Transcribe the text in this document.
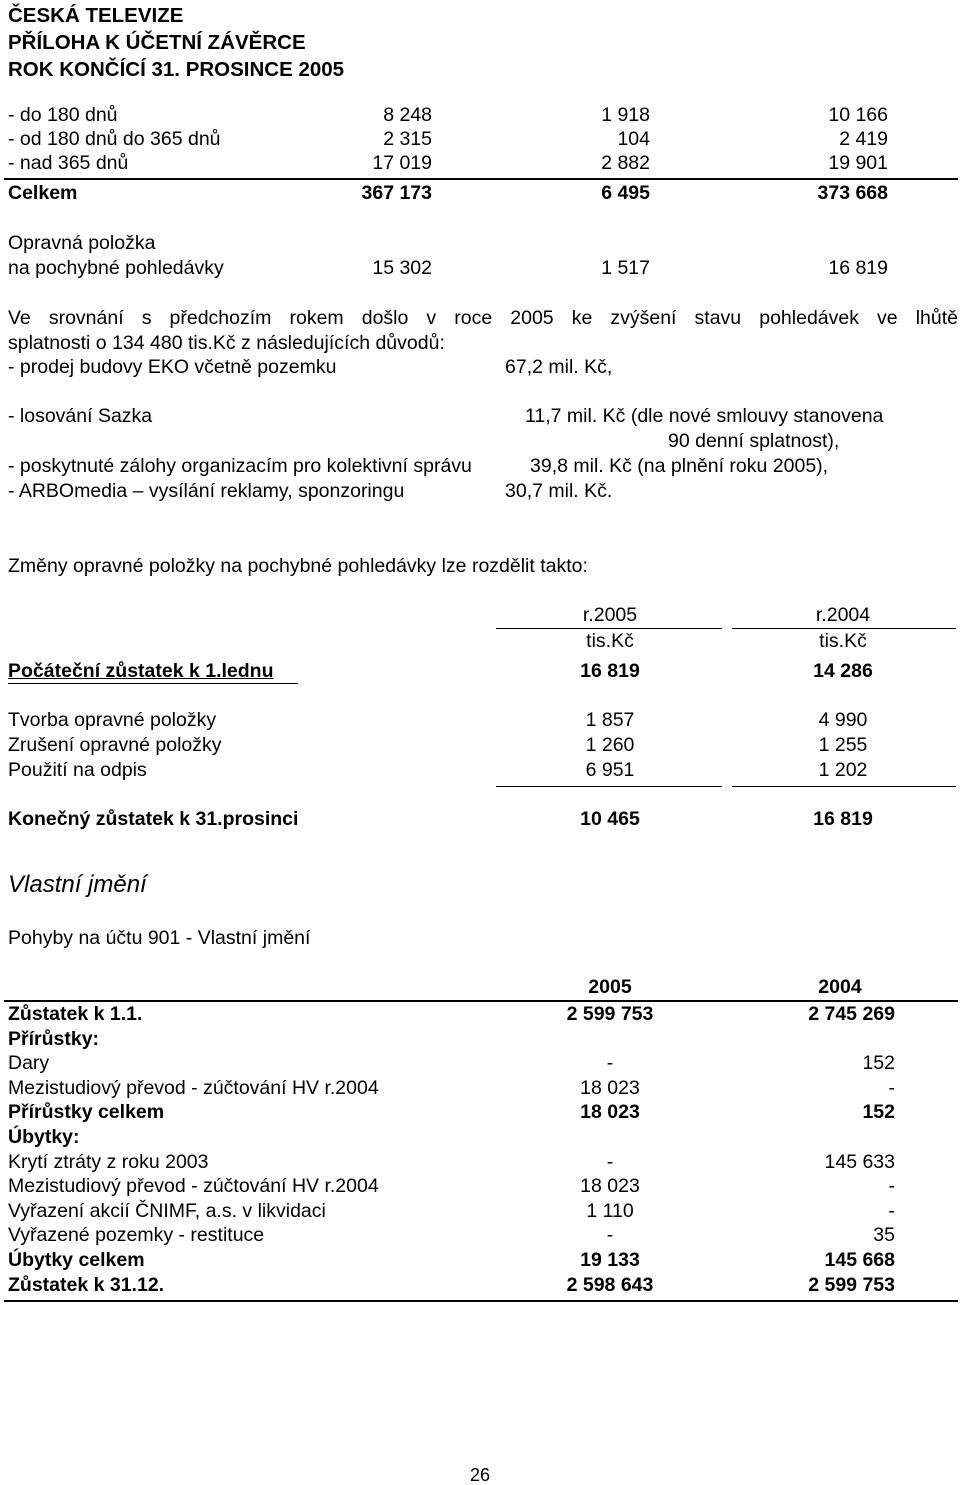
ČESKÁ TELEVIZE
PŘÍLOHA K ÚČETNÍ ZÁVĚRCE
ROK KONČÍCÍ 31. PROSINCE 2005
- do 180 dnů	8 248	1 918	10 166
- od 180 dnů do 365 dnů	2 315	104	2 419
- nad 365 dnů	17 019	2 882	19 901
Celkem	367 173	6 495	373 668
Opravná položka
na pochybné pohledávky	15 302	1 517	16 819
Ve srovnání s předchozím rokem došlo v roce 2005 ke zvýšení stavu pohledávek ve lhůtě
splatnosti o 134 480 tis.Kč z následujících důvodů:
- prodej budovy EKO včetně pozemku	67,2 mil. Kč,
- losování Sazka	11,7 mil. Kč (dle nové smlouvy stanovena
90 denní splatnost),
- poskytnuté zálohy organizacím pro kolektivní správu	39,8 mil. Kč (na plnění roku 2005),
- ARBOmedia – vysílání reklamy, sponzoringu	30,7 mil. Kč.
Změny opravné položky na pochybné pohledávky lze rozdělit takto:
r.2005	r.2004
tis.Kč	tis.Kč
Počáteční zůstatek k 1.lednu	16 819	14 286
Tvorba opravné položky	1 857	4 990
Zrušení opravné položky	1 260	1 255
Použití na odpis	6 951	1 202
Konečný zůstatek k 31.prosinci	10 465	16 819
Vlastní jmění
Pohyby na účtu 901 - Vlastní jmění
2005	2004
Zůstatek k 1.1.	2 599 753	2 745 269
Přírůstky:
Dary	-	152
Mezistudiový převod - zúčtování HV r.2004	18 023	-
Přírůstky celkem	18 023	152
Úbytky:
Krytí ztráty z roku 2003	-	145 633
Mezistudiový převod - zúčtování HV r.2004	18 023	-
Vyřazení akcií ČNIMF, a.s. v likvidaci	1 110	-
Vyřazené pozemky - restituce	-	35
Úbytky celkem	19 133	145 668
Zůstatek k 31.12.	2 598 643	2 599 753
26
